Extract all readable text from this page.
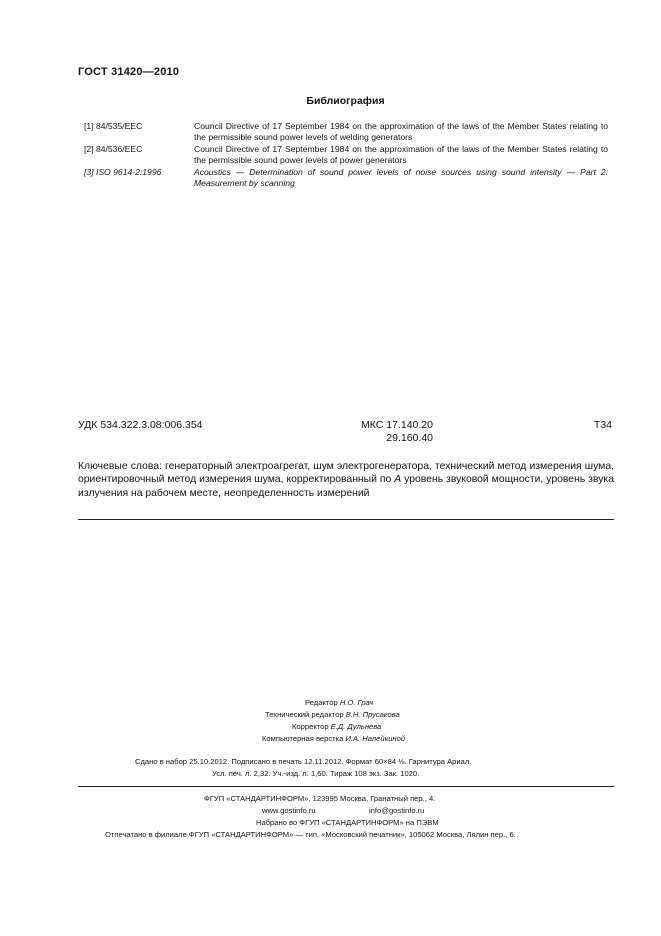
ГОСТ 31420—2010
Библиография
[1] 84/535/EEC	Council Directive of 17 September 1984 on the approximation of the laws of the Member States relating to the permissible sound power levels of welding generators
[2] 84/536/EEC	Council Directive of 17 September 1984 on the approximation of the laws of the Member States relating to the permissible sound power levels of power generators
[3] ISO 9614-2:1996	Acoustics — Determination of sound power levels of noise sources using sound intensity — Part 2: Measurement by scanning
УДК 534.322.3.08:006.354	МКС 17.140.20
29.160.40
Т34
Ключевые слова: генераторный электроагрегат, шум электрогенератора, технический метод измерения шума, ориентировочный метод измерения шума, корректированный по А уровень звуковой мощности, уровень звука излучения на рабочем месте, неопределенность измерений
Редактор Н.О. Грач
Технический редактор В.Н. Прусакова
Корректор Е.Д. Дульнева
Компьютерная верстка И.А. Налейкиной
Сдано в набор 25.10.2012. Подписано в печать 12.11.2012. Формат 60×84 ⅛. Гарнитура Ариал.
Усл. печ. л. 2,32. Уч.-изд. л. 1,60. Тираж 108 экз. Зак. 1020.
ФГУП «СТАНДАРТИНФОРМ», 123995 Москва, Гранатный пер., 4.
www.gostinfo.ru	info@gostinfo.ru
Набрано во ФГУП «СТАНДАРТИНФОРМ» на ПЭВМ
Отпечатано в филиале ФГУП «СТАНДАРТИНФОРМ» — тип. «Московский печатник», 105062 Москва, Лялин пер., 6.
